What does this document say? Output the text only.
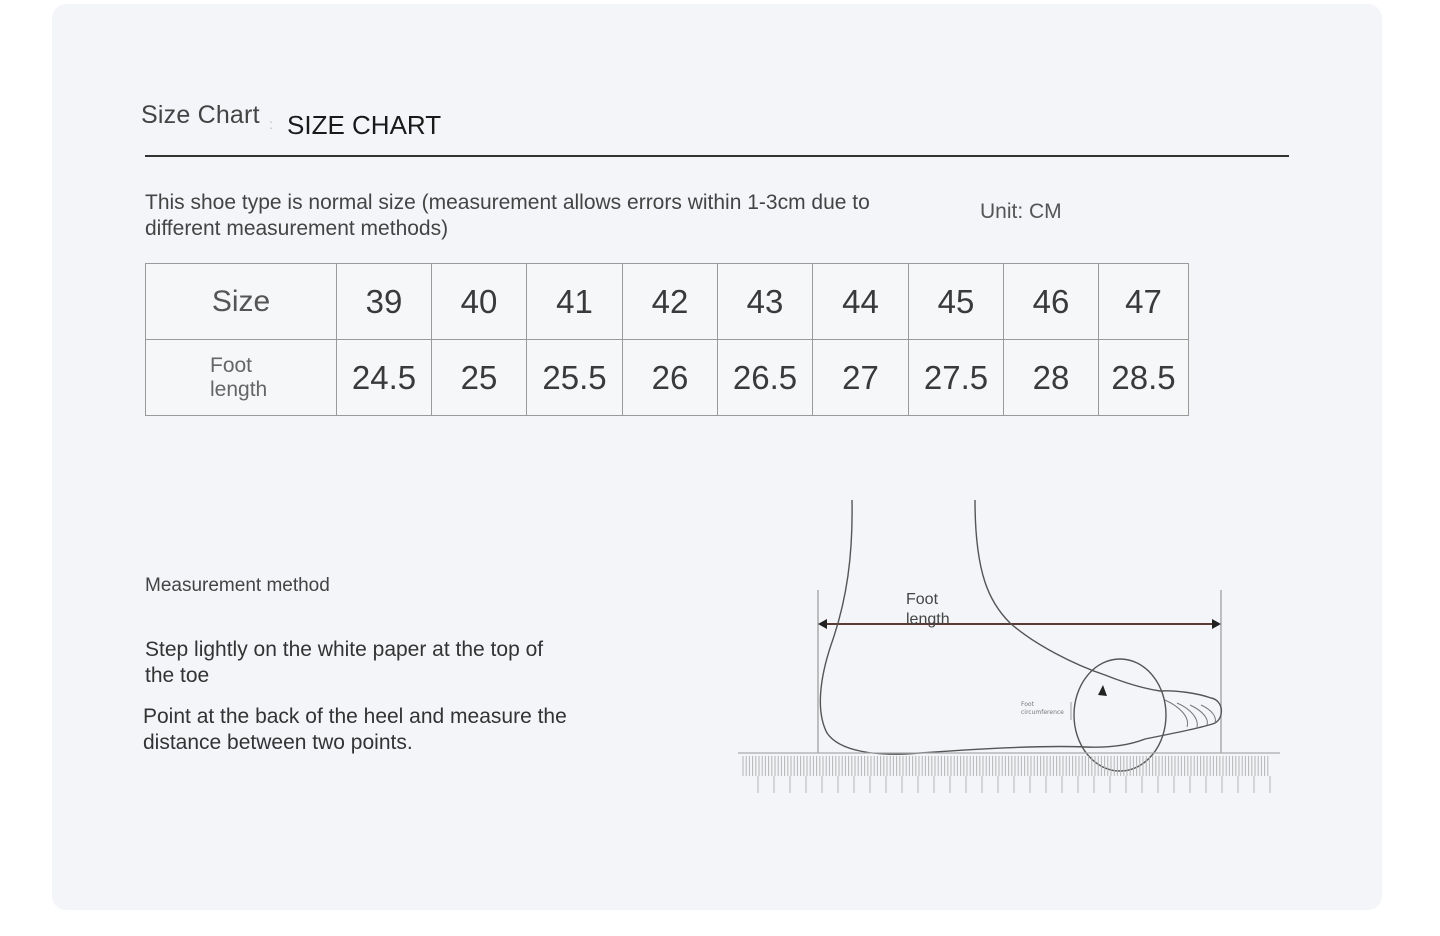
Size Chart : SIZE CHART
This shoe type is normal size (measurement allows errors within 1-3cm due to different measurement methods)
Unit: CM
Size	39	40	41	42	43	44	45	46	47

Foot
length	24.5	25	25.5	26	26.5	27	27.5	28	28.5
Measurement method
Step lightly on the white paper at the top of the toe
Point at the back of the heel and measure the distance between two points.
Foot
circumference
Foot
length
